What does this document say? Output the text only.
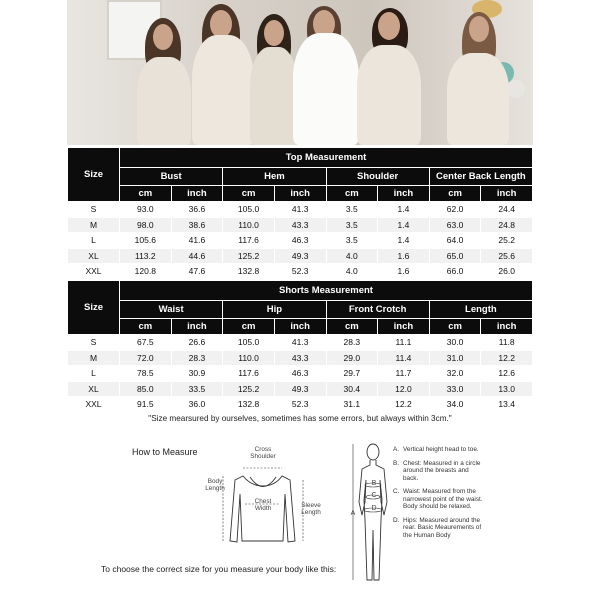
Size	Top Measurement							
	Bust		Hem		Shoulder		Center Back Length	
	cm	inch	cm	inch	cm	inch	cm	inch
S	93.0	36.6	105.0	41.3	3.5	1.4	62.0	24.4
M	98.0	38.6	110.0	43.3	3.5	1.4	63.0	24.8
L	105.6	41.6	117.6	46.3	3.5	1.4	64.0	25.2
XL	113.2	44.6	125.2	49.3	4.0	1.6	65.0	25.6
XXL	120.8	47.6	132.8	52.3	4.0	1.6	66.0	26.0
Size	Shorts Measurement							
	Waist		Hip		Front Crotch		Length	
	cm	inch	cm	inch	cm	inch	cm	inch
S	67.5	26.6	105.0	41.3	28.3	11.1	30.0	11.8
M	72.0	28.3	110.0	43.3	29.0	11.4	31.0	12.2
L	78.5	30.9	117.6	46.3	29.7	11.7	32.0	12.6
XL	85.0	33.5	125.2	49.3	30.4	12.0	33.0	13.0
XXL	91.5	36.0	132.8	52.3	31.1	12.2	34.0	13.4
"Size mearsured by ourselves, sometimes has some errors, but always within 3cm."
How to Measure	Cross Shoulder
Body Length
Chest Width	Sleeve Length	A
B
C
D
A. Vertical height head to toe.
B. Chest: Measured in a circle around the breasts and back.
C. Waist: Measured from the narrowest point of the waist. Body should be relaxed.
D. Hips: Measured around the rear. Basic Meaurements of the Human Body
To choose the correct size for you measure your body like this:
